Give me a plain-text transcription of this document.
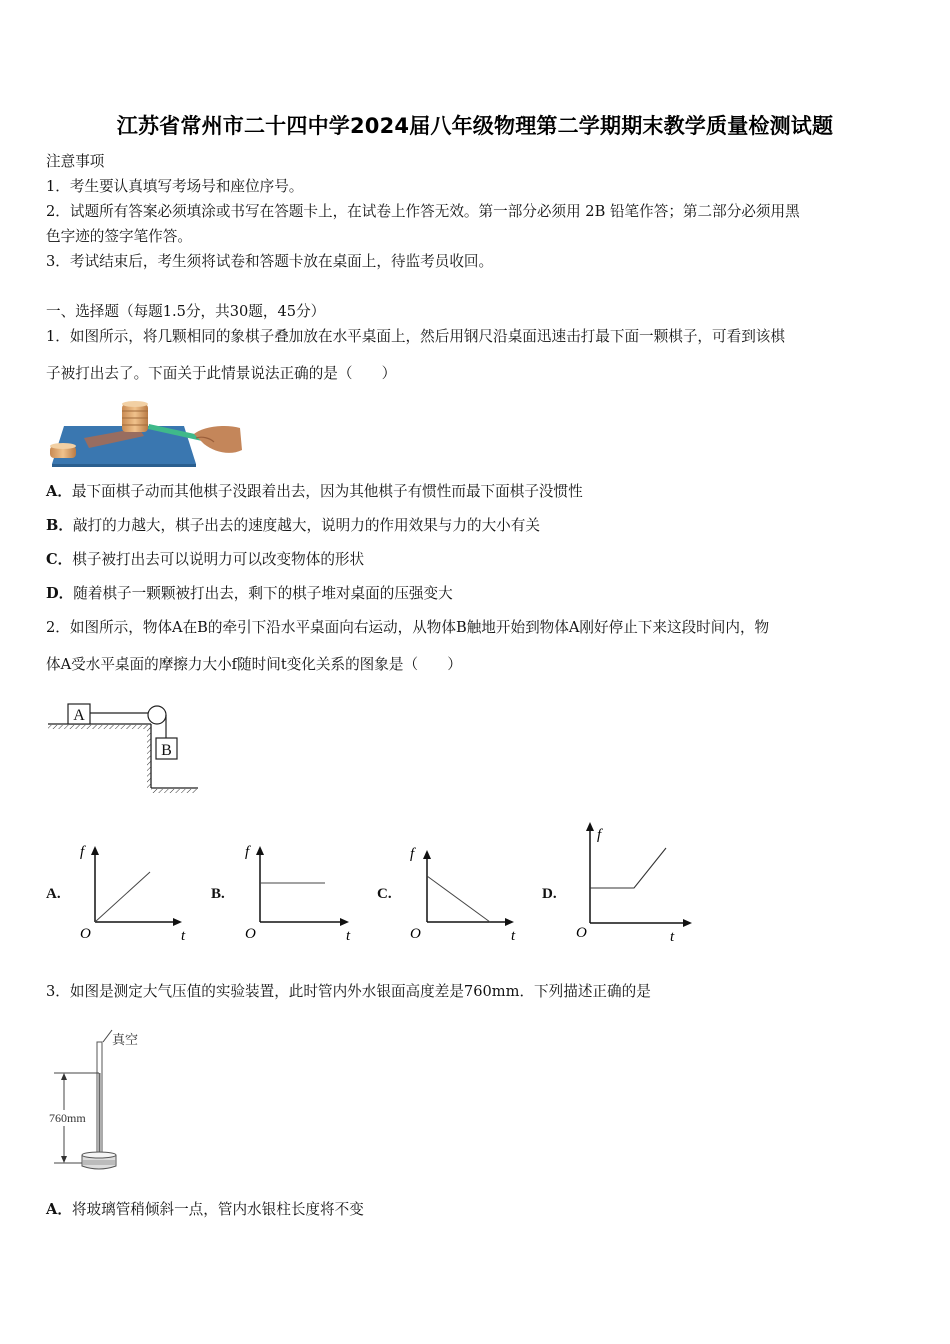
江苏省常州市二十四中学2024届八年级物理第二学期期末教学质量检测试题
注意事项
1．考生要认真填写考场号和座位序号。
2．试题所有答案必须填涂或书写在答题卡上，在试卷上作答无效。第一部分必须用 2B 铅笔作答；第二部分必须用黑
色字迹的签字笔作答。
3．考试结束后，考生须将试卷和答题卡放在桌面上，待监考员收回。
一、选择题（每题1.5分，共30题，45分）
1．如图所示，将几颗相同的象棋子叠加放在水平桌面上，然后用钢尺沿桌面迅速击打最下面一颗棋子，可看到该棋
子被打出去了。下面关于此情景说法正确的是（　　）
A．最下面棋子动而其他棋子没跟着出去，因为其他棋子有惯性而最下面棋子没惯性
B．敲打的力越大，棋子出去的速度越大，说明力的作用效果与力的大小有关
C．棋子被打出去可以说明力可以改变物体的形状
D．随着棋子一颗颗被打出去，剩下的棋子堆对桌面的压强变大
2．如图所示，物体A在B的牵引下沿水平桌面向右运动，从物体B触地开始到物体A刚好停止下来这段时间内，物
体A受水平桌面的摩擦力大小f随时间t变化关系的图象是（　　）
A
B
A.
f
O	t
B.
f
O	t
C.
f
O	t
D.
f
O	t
3．如图是测定大气压值的实验装置，此时管内外水银面高度差是760mm．下列描述正确的是
真空
760mm
A．将玻璃管稍倾斜一点，管内水银柱长度将不变
